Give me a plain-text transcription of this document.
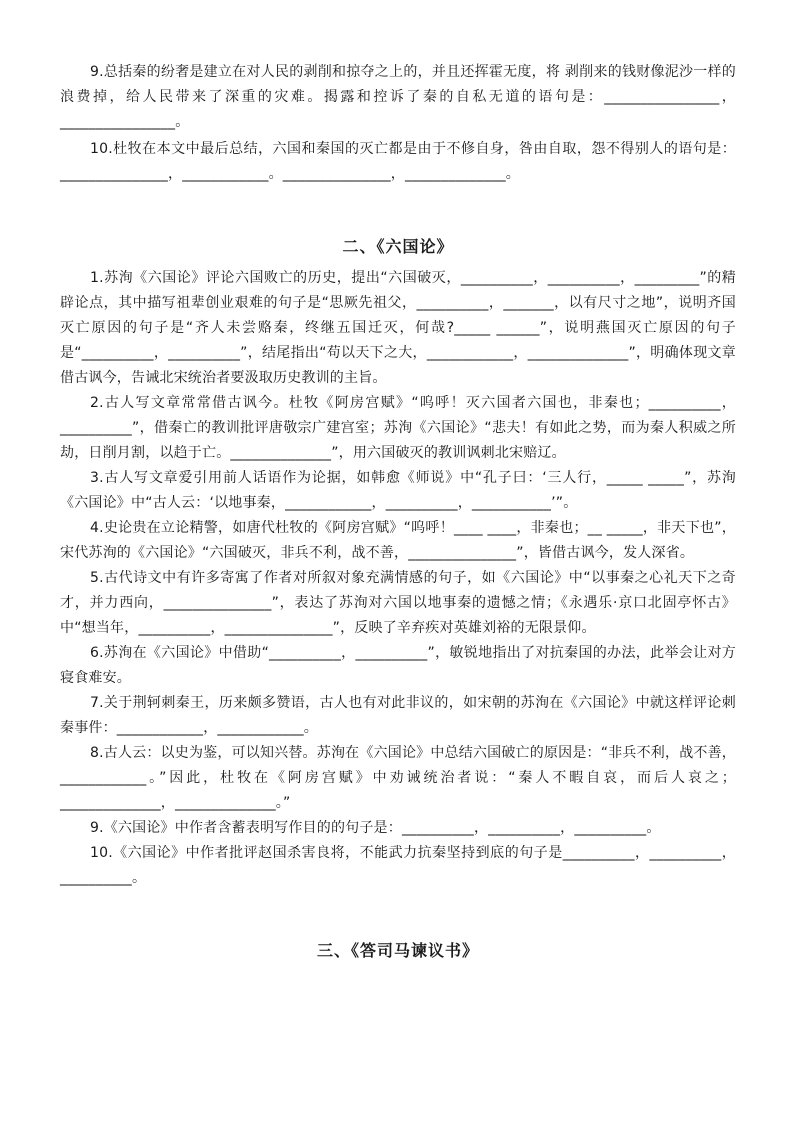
9.总括秦的纷奢是建立在对人民的剥削和掠夺之上的，并且还挥霍无度，将 剥削来的钱财像泥沙一样的浪费掉，给人民带来了深重的灾难。揭露和控诉了秦的自私无道的语句是：________________，________________。

10.杜牧在本文中最后总结，六国和秦国的灭亡都是由于不修自身，咎由自取，怨不得别人的语句是：_______________，____________。_______________，______________。

二、《六国论》

1.苏洵《六国论》评论六国败亡的历史，提出“六国破灭，__________，__________，_________”的精辟论点，其中描写祖辈创业艰难的句子是“思厥先祖父，__________，_______，以有尺寸之地”，说明齐国灭亡原因的句子是“齐人未尝赂秦，终继五国迁灭，何哉?_____ ______”，说明燕国灭亡原因的句子是“__________，__________”，结尾指出“苟以天下之大，____________，______________”，明确体现文章借古讽今，告诫北宋统治者要汲取历史教训的主旨。

2.古人写文章常常借古讽今。杜牧《阿房宫赋》“呜呼！灭六国者六国也，非秦也；__________，__________”，借秦亡的教训批评唐敬宗广建宫室；苏洵《六国论》“悲夫！有如此之势，而为秦人积威之所劫，日削月割，以趋于亡。______________”，用六国破灭的教训讽刺北宋赔辽。

3.古人写文章爱引用前人话语作为论据，如韩愈《师说》中“孔子曰：‘三人行，_____ _____”，苏洵《六国论》中“古人云：‘以地事秦，____________，__________，___________’”。

4.史论贵在立论精警，如唐代杜牧的《阿房宫赋》“呜呼！____ ____，非秦也；__ _____，非天下也”，宋代苏洵的《六国论》“六国破灭，非兵不利，战不善，_______________”，皆借古讽今，发人深省。

5.古代诗文中有许多寄寓了作者对所叙对象充满情感的句子，如《六国论》中“以事秦之心礼天下之奇才，并力西向，_______________”，表达了苏洵对六国以地事秦的遗憾之情；《永遇乐·京口北固亭怀古》中“想当年，__________，_______________”，反映了辛弃疾对英雄刘裕的无限景仰。

6.苏洵在《六国论》中借助“__________，__________”，敏锐地指出了对抗秦国的办法，此举会让对方寝食难安。

7.关于荆轲刺秦王，历来颇多赞语，古人也有对此非议的，如宋朝的苏洵在《六国论》中就这样评论刺秦事件：____________，____________。

8.古人云：以史为鉴，可以知兴替。苏洵在《六国论》中总结六国破亡的原因是：“非兵不利，战不善，____________。”因此，杜牧在《阿房宫赋》中劝诫统治者说：“秦人不暇自哀，而后人哀之；______________，______________。”

9.《六国论》中作者含蓄表明写作目的的句子是：__________，__________，__________。

10.《六国论》中作者批评赵国杀害良将，不能武力抗秦坚持到底的句子是__________，__________，__________。

三、《答司马谏议书》
